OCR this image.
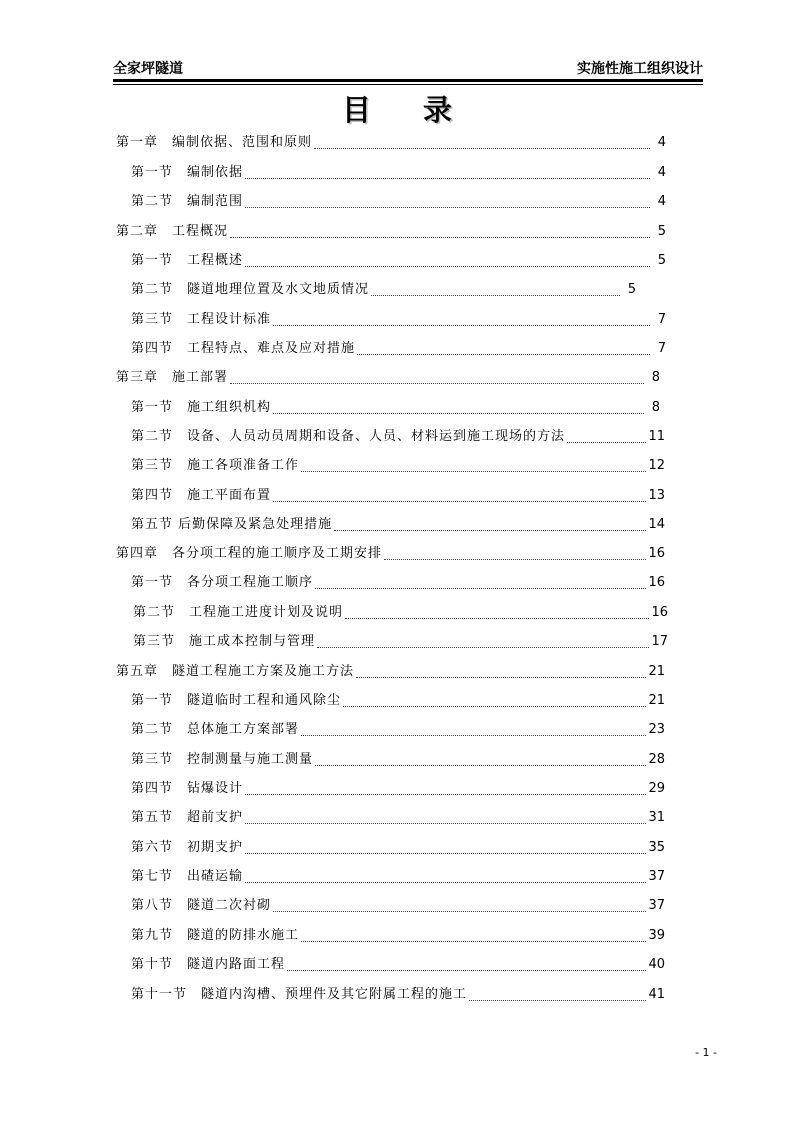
全家坪隧道	实施性施工组织设计
目录
第一章　编制依据、范围和原则	4
第一节　编制依据	4
第二节　编制范围	4
第二章　工程概况	5
第一节　工程概述	5
第二节　隧道地理位置及水文地质情况	5
第三节　工程设计标准	7
第四节　工程特点、难点及应对措施	7
第三章　施工部署	8
第一节　施工组织机构	8
第二节　设备、人员动员周期和设备、人员、材料运到施工现场的方法	11
第三节　施工各项准备工作	12
第四节　施工平面布置	13
第五节 后勤保障及紧急处理措施	14
第四章　各分项工程的施工顺序及工期安排	16
第一节　各分项工程施工顺序	16
第二节　工程施工进度计划及说明	16
第三节　施工成本控制与管理	17
第五章　隧道工程施工方案及施工方法	21
第一节　隧道临时工程和通风除尘	21
第二节　总体施工方案部署	23
第三节　控制测量与施工测量	28
第四节　钻爆设计	29
第五节　超前支护	31
第六节　初期支护	35
第七节　出碴运输	37
第八节　隧道二次衬砌	37
第九节　隧道的防排水施工	39
第十节　隧道内路面工程	40
第十一节　隧道内沟槽、预埋件及其它附属工程的施工	41
- 1 -
